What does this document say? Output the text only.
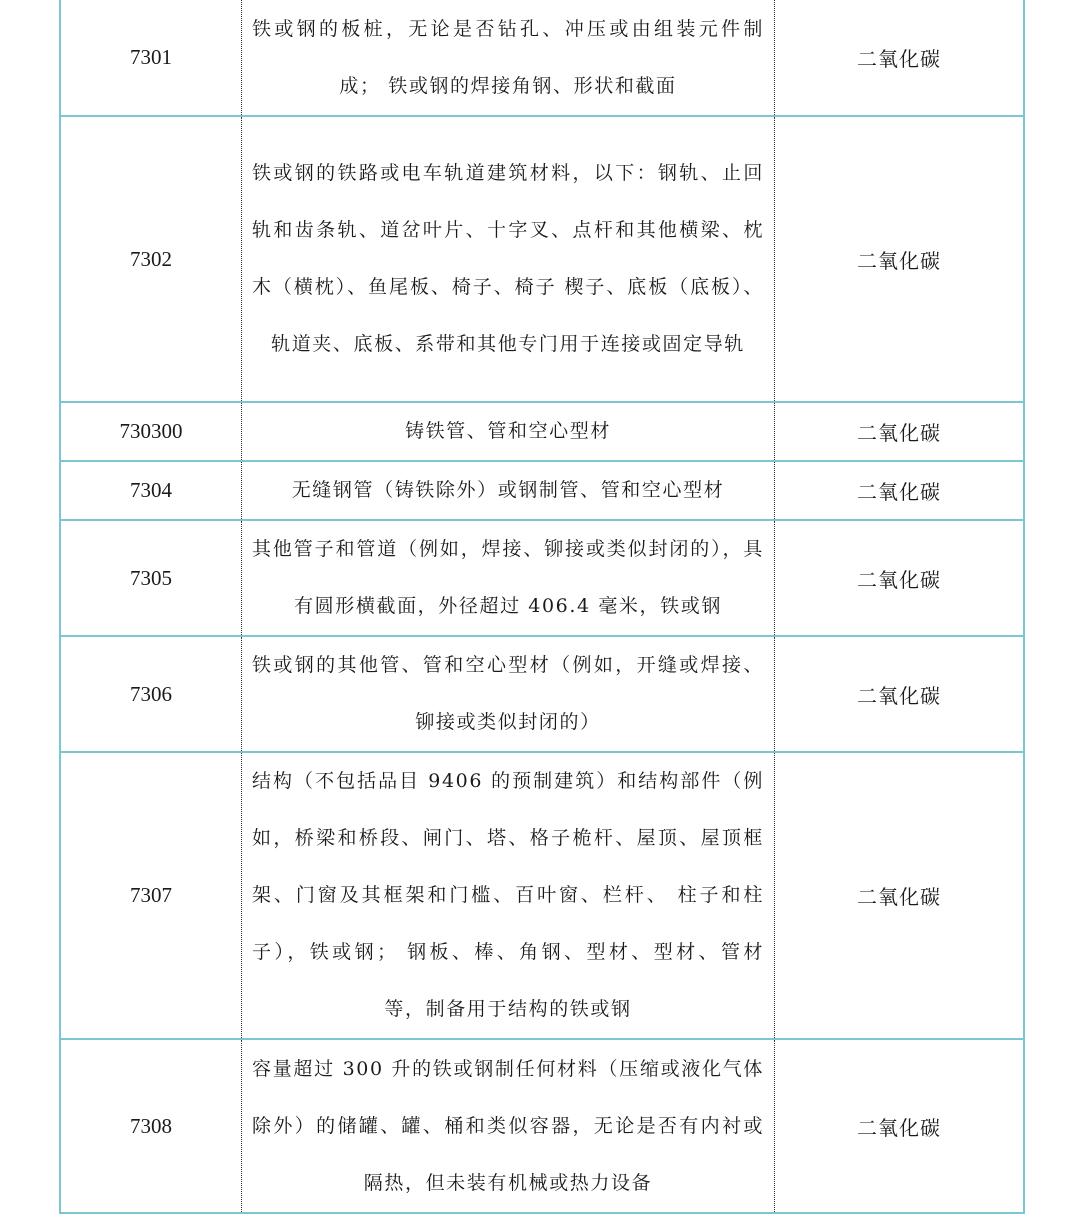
7301	铁或钢的板桩，无论是否钻孔、冲压或由组装元件制成； 铁或钢的焊接角钢、形状和截面	二氧化碳
7302	铁或钢的铁路或电车轨道建筑材料，以下：钢轨、止回轨和齿条轨、道岔叶片、十字叉、点杆和其他横梁、枕木（横枕）、鱼尾板、椅子、椅子 楔子、底板（底板）、轨道夹、底板、系带和其他专门用于连接或固定导轨	二氧化碳
730300	铸铁管、管和空心型材	二氧化碳
7304	无缝钢管（铸铁除外）或钢制管、管和空心型材	二氧化碳
7305	其他管子和管道（例如，焊接、铆接或类似封闭的），具有圆形横截面，外径超过 406.4 毫米，铁或钢	二氧化碳
7306	铁或钢的其他管、管和空心型材（例如，开缝或焊接、铆接或类似封闭的）	二氧化碳
7307	结构（不包括品目 9406 的预制建筑）和结构部件（例如，桥梁和桥段、闸门、塔、格子桅杆、屋顶、屋顶框架、门窗及其框架和门槛、百叶窗、栏杆、 柱子和柱子），铁或钢； 钢板、棒、角钢、型材、型材、管材等，制备用于结构的铁或钢	二氧化碳
7308	容量超过 300 升的铁或钢制任何材料（压缩或液化气体除外）的储罐、罐、桶和类似容器，无论是否有内衬或隔热，但未装有机械或热力设备	二氧化碳
